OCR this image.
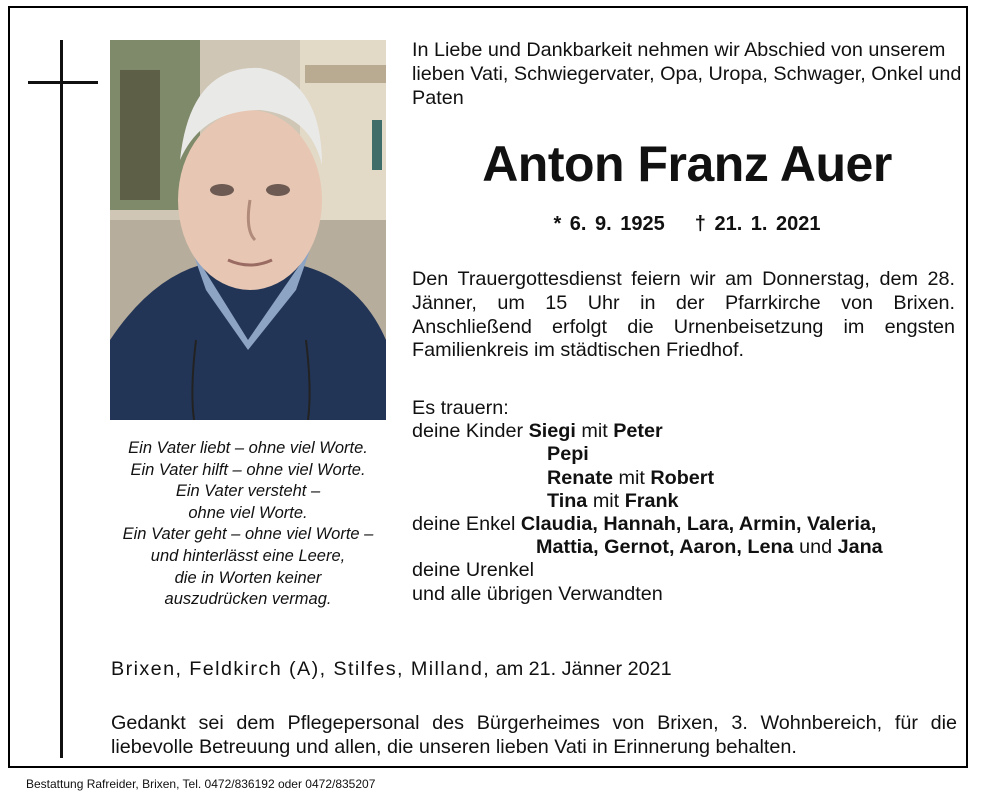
Ein Vater liebt – ohne viel Worte.
Ein Vater hilft – ohne viel Worte.
Ein Vater versteht –
ohne viel Worte.
Ein Vater geht – ohne viel Worte –
und hinterlässt eine Leere,
die in Worten keiner
auszudrücken vermag.
In Liebe und Dankbarkeit nehmen wir Abschied von unserem lieben Vati, Schwiegervater, Opa, Uropa, Schwager, Onkel und Paten
Anton Franz Auer
* 6. 9. 1925 † 21. 1. 2021
Den Trauergottesdienst feiern wir am Donnerstag, dem 28. Jänner, um 15 Uhr in der Pfarrkirche von Brixen. Anschließend erfolgt die Urnenbeisetzung im engsten Familienkreis im städtischen Friedhof.
Es trauern:
deine Kinder Siegi mit Peter
Pepi
Renate mit Robert
Tina mit Frank
deine Enkel Claudia, Hannah, Lara, Armin, Valeria,
Mattia, Gernot, Aaron, Lena und Jana
deine Urenkel
und alle übrigen Verwandten
Brixen, Feldkirch (A), Stilfes, Milland, am 21. Jänner 2021
Gedankt sei dem Pflegepersonal des Bürgerheimes von Brixen, 3. Wohnbereich, für die liebevolle Betreuung und allen, die unseren lieben Vati in Erinnerung behalten.
Bestattung Rafreider, Brixen, Tel. 0472/836192 oder 0472/835207
